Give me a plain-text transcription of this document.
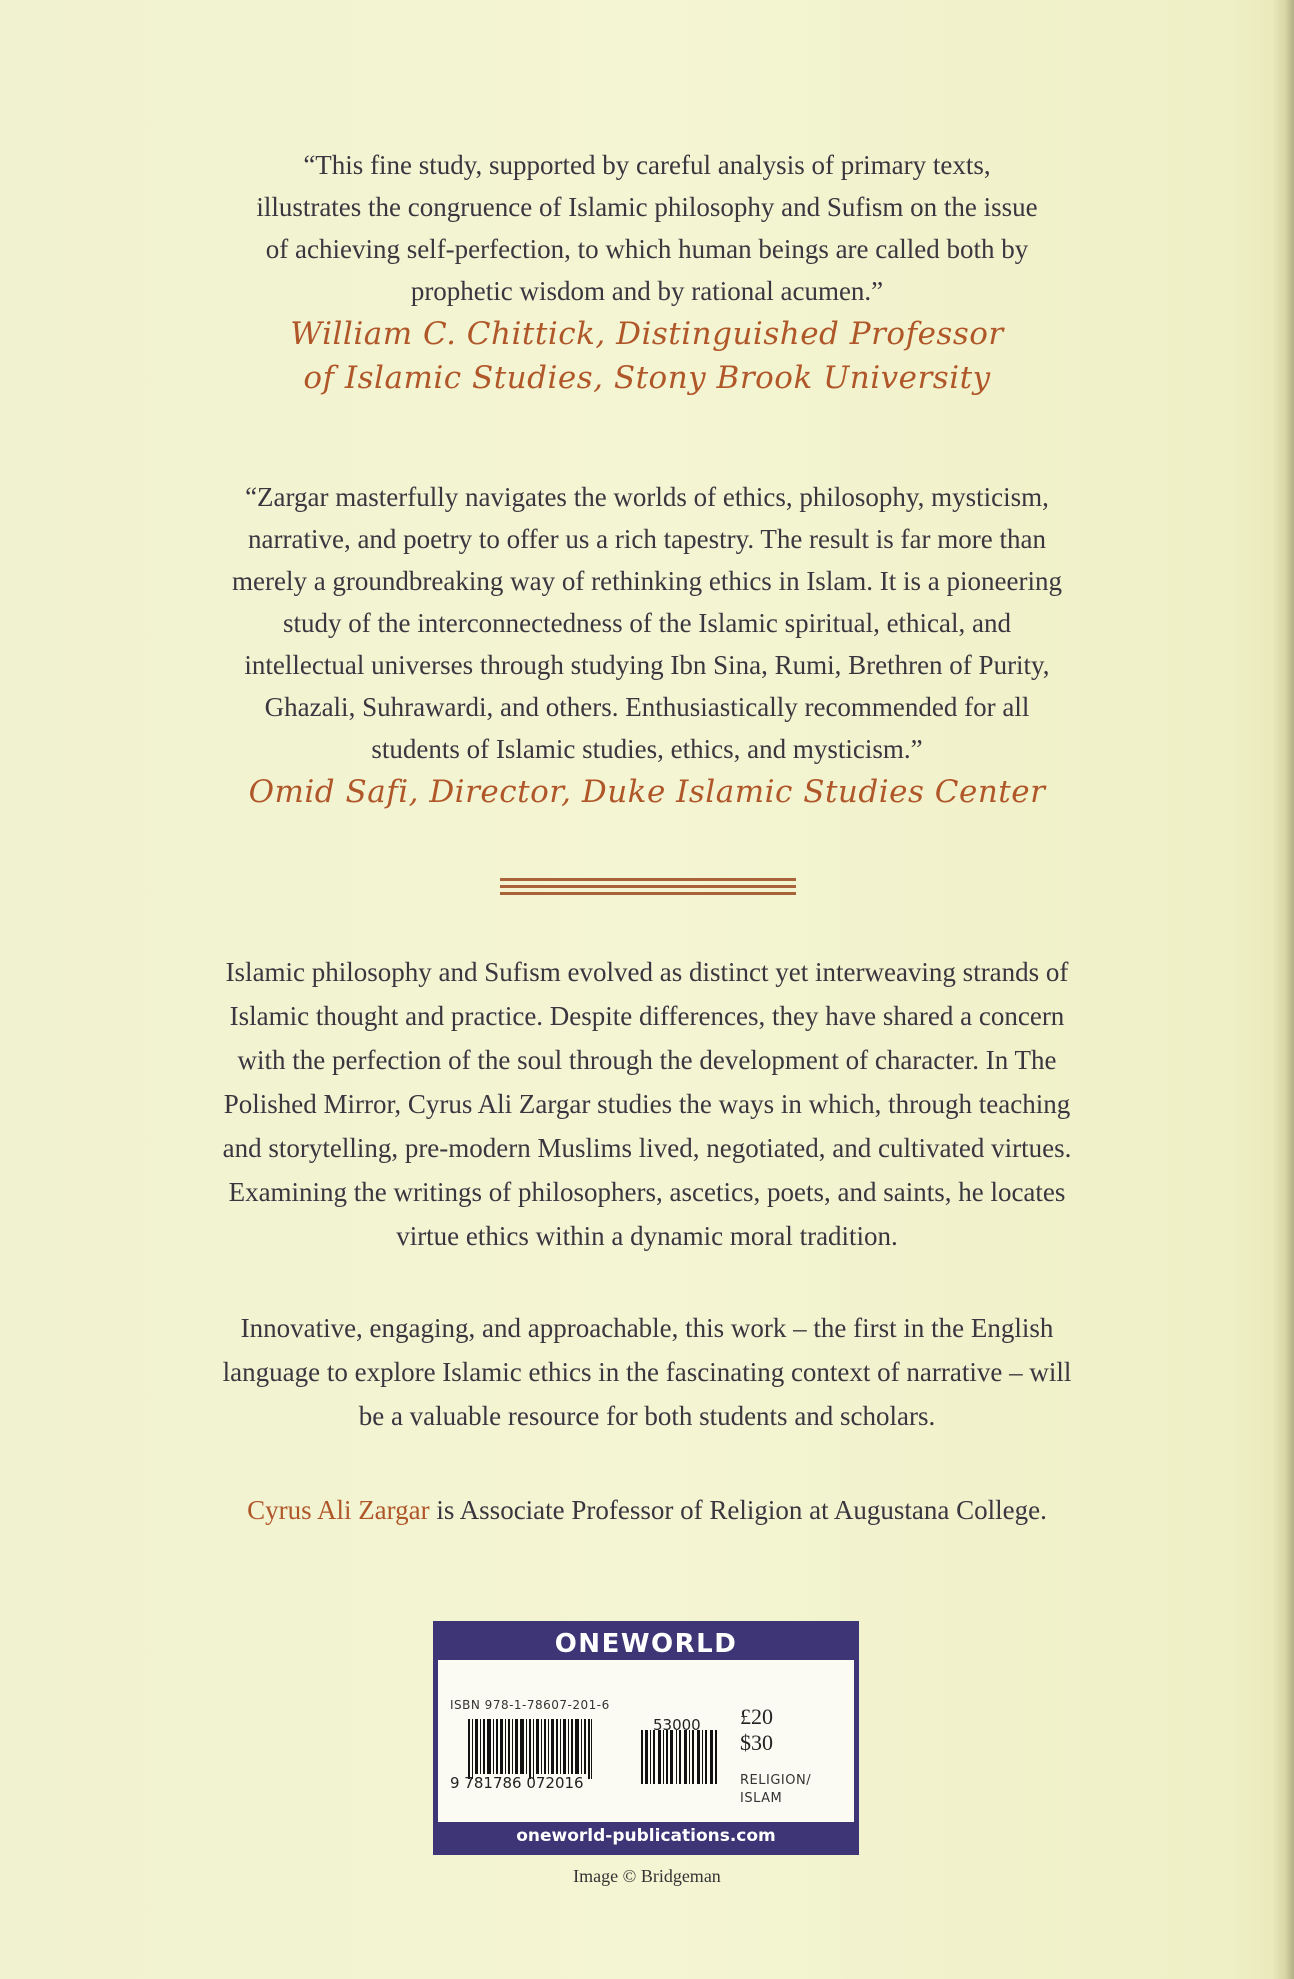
“This fine study, supported by careful analysis of primary texts,

illustrates the congruence of Islamic philosophy and Sufism on the issue

of achieving self-perfection, to which human beings are called both by

prophetic wisdom and by rational acumen.”

William C. Chittick, Distinguished Professor
of Islamic Studies, Stony Brook University

“Zargar masterfully navigates the worlds of ethics, philosophy, mysticism,

narrative, and poetry to offer us a rich tapestry. The result is far more than

merely a groundbreaking way of rethinking ethics in Islam. It is a pioneering

study of the interconnectedness of the Islamic spiritual, ethical, and

intellectual universes through studying Ibn Sina, Rumi, Brethren of Purity,

Ghazali, Suhrawardi, and others. Enthusiastically recommended for all

students of Islamic studies, ethics, and mysticism.”

Omid Safi, Director, Duke Islamic Studies Center

Islamic philosophy and Sufism evolved as distinct yet interweaving strands of

Islamic thought and practice. Despite differences, they have shared a concern

with the perfection of the soul through the development of character. In The

Polished Mirror, Cyrus Ali Zargar studies the ways in which, through teaching

and storytelling, pre-modern Muslims lived, negotiated, and cultivated virtues.

Examining the writings of philosophers, ascetics, poets, and saints, he locates

virtue ethics within a dynamic moral tradition.

Innovative, engaging, and approachable, this work – the first in the English

language to explore Islamic ethics in the fascinating context of narrative – will

be a valuable resource for both students and scholars.

Cyrus Ali Zargar is Associate Professor of Religion at Augustana College.

ONEWORLD
ISBN 978-1-78607-201-6
53000
9 781786 072016
£20
$30
RELIGION/
ISLAM
oneworld-publications.com
Image © Bridgeman
